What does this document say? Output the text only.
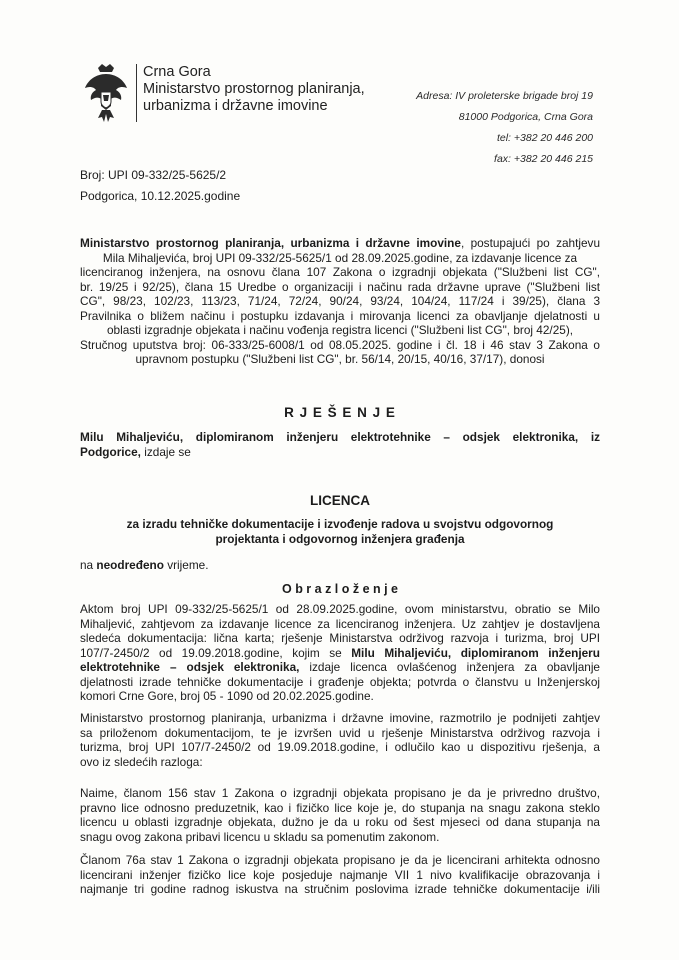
Crna Gora
Ministarstvo prostornog planiranja,
urbanizma i državne imovine
Adresa: IV proleterske brigade broj 19
81000 Podgorica, Crna Gora
tel: +382 20 446 200
fax: +382 20 446 215
Broj: UPI 09-332/25-5625/2
Podgorica, 10.12.2025.godine
Ministarstvo prostornog planiranja, urbanizma i državne imovine, postupajući po zahtjevu
Mila Mihaljevića, broj UPI 09-332/25-5625/1 od 28.09.2025.godine, za izdavanje licence za
licenciranog inženjera, na osnovu člana 107 Zakona o izgradnji objekata ("Službeni list CG",
br. 19/25 i 92/25), člana 15 Uredbe o organizaciji i načinu rada državne uprave ("Službeni list
CG", 98/23, 102/23, 113/23, 71/24, 72/24, 90/24, 93/24, 104/24, 117/24 i 39/25), člana 3
Pravilnika o bližem načinu i postupku izdavanja i mirovanja licenci za obavljanje djelatnosti u
oblasti izgradnje objekata i načinu vođenja registra licenci ("Službeni list CG", broj 42/25),
Stručnog uputstva broj: 06-333/25-6008/1 od 08.05.2025. godine i čl. 18 i 46 stav 3 Zakona o
upravnom postupku ("Službeni list CG", br. 56/14, 20/15, 40/16, 37/17), donosi
R J E Š E N J E
Milu Mihaljeviću, diplomiranom inženjeru elektrotehnike – odsjek elektronika, iz
Podgorice, izdaje se
LICENCA
za izradu tehničke dokumentacije i izvođenje radova u svojstvu odgovornog
projektanta i odgovornog inženjera građenja
na neodređeno vrijeme.
O b r a z l o ž e n j e
Aktom broj UPI 09-332/25-5625/1 od 28.09.2025.godine, ovom ministarstvu, obratio se Milo
Mihaljević, zahtjevom za izdavanje licence za licenciranog inženjera. Uz zahtjev je dostavljena
sledeća dokumentacija: lična karta; rješenje Ministarstva održivog razvoja i turizma, broj UPI
107/7-2450/2 od 19.09.2018.godine, kojim se Milu Mihaljeviću, diplomiranom inženjeru
elektrotehnike – odsjek elektronika, izdaje licenca ovlašćenog inženjera za obavljanje
djelatnosti izrade tehničke dokumentacije i građenje objekta; potvrda o članstvu u Inženjerskoj
komori Crne Gore, broj 05 - 1090 od 20.02.2025.godine.
Ministarstvo prostornog planiranja, urbanizma i državne imovine, razmotrilo je podnijeti zahtjev
sa priloženom dokumentacijom, te je izvršen uvid u rješenje Ministarstva održivog razvoja i
turizma, broj UPI 107/7-2450/2 od 19.09.2018.godine, i odlučilo kao u dispozitivu rješenja, a
ovo iz sledećih razloga:
Naime, članom 156 stav 1 Zakona o izgradnji objekata propisano je da je privredno društvo,
pravno lice odnosno preduzetnik, kao i fizičko lice koje je, do stupanja na snagu zakona steklo
licencu u oblasti izgradnje objekata, dužno je da u roku od šest mjeseci od dana stupanja na
snagu ovog zakona pribavi licencu u skladu sa pomenutim zakonom.
Članom 76a stav 1 Zakona o izgradnji objekata propisano je da je licencirani arhitekta odnosno
licencirani inženjer fizičko lice koje posjeduje najmanje VII 1 nivo kvalifikacije obrazovanja i
najmanje tri godine radnog iskustva na stručnim poslovima izrade tehničke dokumentacije i/ili
